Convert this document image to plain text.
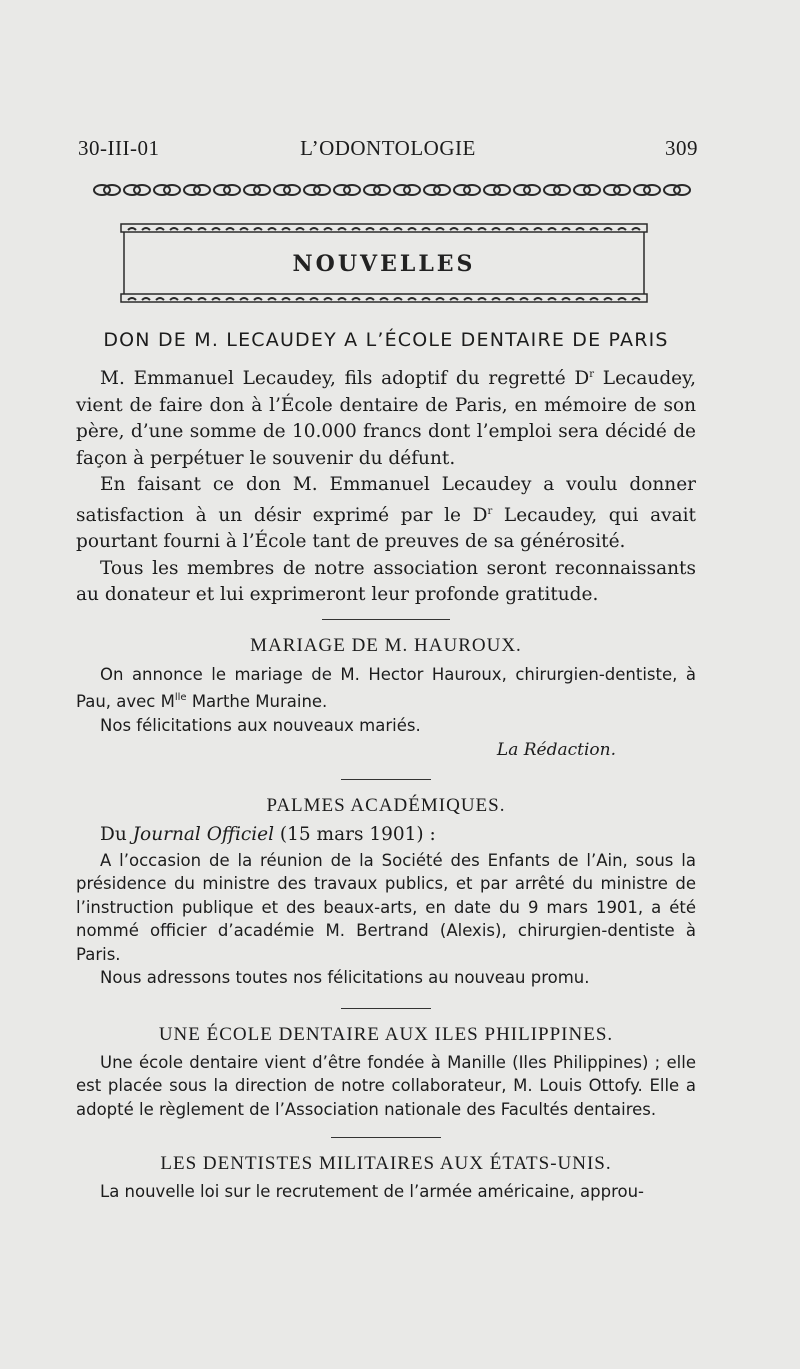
30-III-01	L’ODONTOLOGIE	309
NOUVELLES

DON DE M. LECAUDEY A L’ÉCOLE DENTAIRE DE PARIS

M. Emmanuel Lecaudey, fils adoptif du regretté $D^r$ Lecaudey, vient de faire don à l’École dentaire de Paris, en mémoire de son père, d’une somme de 10.000 francs dont l’emploi sera décidé de façon à perpétuer le souvenir du défunt.

En faisant ce don M. Emmanuel Lecaudey a voulu donner satisfaction à un désir exprimé par le $D^r$ Lecaudey, qui avait pourtant fourni à l’École tant de preuves de sa générosité.

Tous les membres de notre association seront reconnaissants au donateur et lui exprimeront leur profonde gratitude.

MARIAGE DE M. HAUROUX.

On annonce le mariage de M. Hector Hauroux, chirurgien-dentiste, à Pau, avec $M^{lle}$ Marthe Muraine.

Nos félicitations aux nouveaux mariés.

La Rédaction.

PALMES ACADÉMIQUES.

Du Journal Officiel (15 mars 1901) :

A l’occasion de la réunion de la Société des Enfants de l’Ain, sous la présidence du ministre des travaux publics, et par arrêté du ministre de l’instruction publique et des beaux-arts, en date du 9 mars 1901, a été nommé officier d’académie M. Bertrand (Alexis), chirurgien-dentiste à Paris.

Nous adressons toutes nos félicitations au nouveau promu.

UNE ÉCOLE DENTAIRE AUX ILES PHILIPPINES.

Une école dentaire vient d’être fondée à Manille (Iles Philippines) ; elle est placée sous la direction de notre collaborateur, M. Louis Ottofy. Elle a adopté le règlement de l’Association nationale des Facultés dentaires.

LES DENTISTES MILITAIRES AUX ÉTATS-UNIS.

La nouvelle loi sur le recrutement de l’armée américaine, approu-
